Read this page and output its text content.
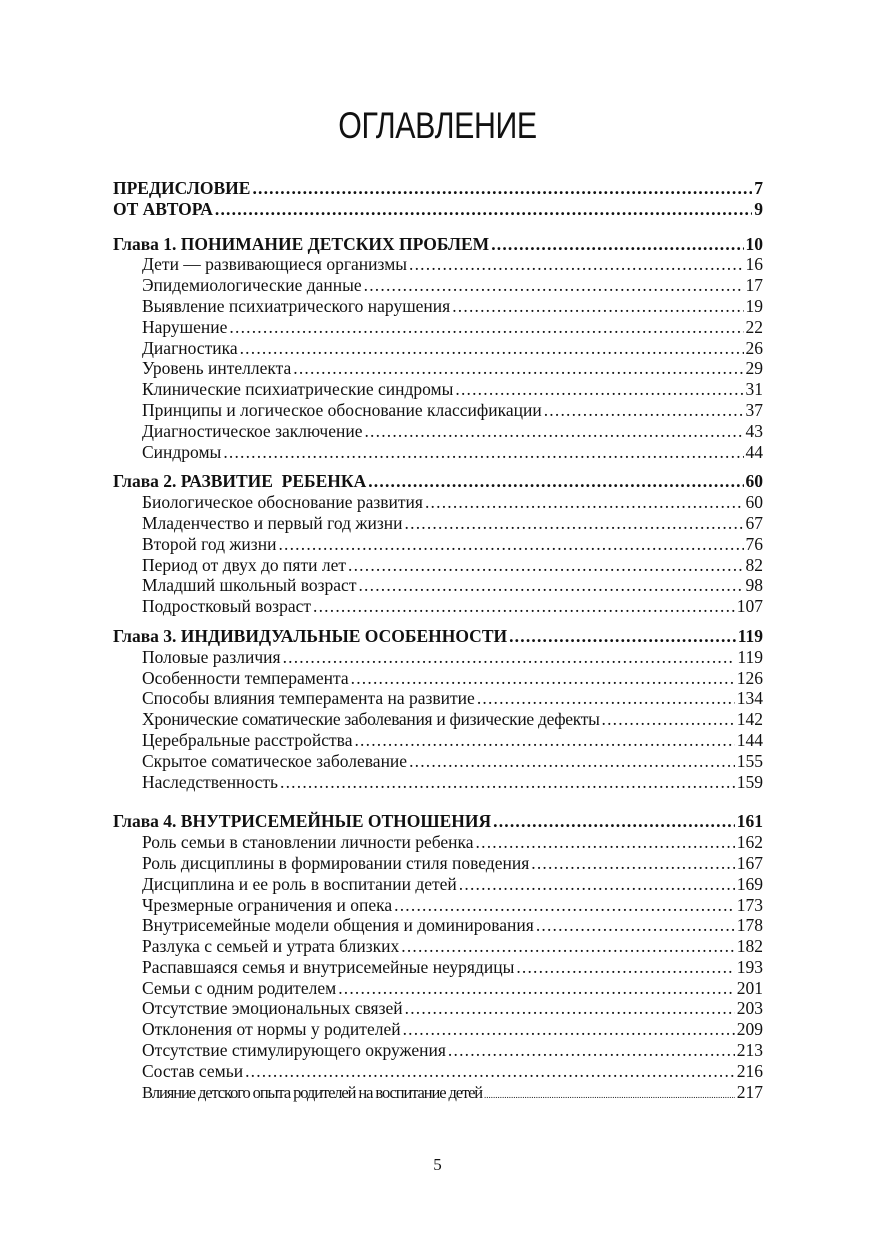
ОГЛАВЛЕНИЕ
ПРЕДИСЛОВИЕ .....	7
ОТ АВТОРА .....	9
Глава 1. ПОНИМАНИЕ ДЕТСКИХ ПРОБЛЕМ .....	10
Дети — развивающиеся организмы .....	16
Эпидемиологические данные .....	17
Выявление психиатрического нарушения .....	19
Нарушение .....	22
Диагностика .....	26
Уровень интеллекта .....	29
Клинические психиатрические синдромы .....	31
Принципы и логическое обоснование классификации .....	37
Диагностическое заключение .....	43
Синдромы .....	44
Глава 2. РАЗВИТИЕ  РЕБЕНКА .....	60
Биологическое обоснование развития .....	60
Младенчество и первый год жизни .....	67
Второй год жизни .....	76
Период от двух до пяти лет .....	82
Младший школьный возраст .....	98
Подростковый возраст .....	107
Глава 3. ИНДИВИДУАЛЬНЫЕ ОСОБЕННОСТИ .....	119
Половые различия .....	119
Особенности темперамента .....	126
Способы влияния темперамента на развитие .....	134
Хронические соматические заболевания и физические дефекты .....	142
Церебральные расстройства .....	144
Скрытое соматическое заболевание .....	155
Наследственность .....	159
Глава 4. ВНУТРИСЕМЕЙНЫЕ ОТНОШЕНИЯ .....	161
Роль семьи в становлении личности ребенка .....	162
Роль дисциплины в формировании стиля поведения .....	167
Дисциплина и ее роль в воспитании детей .....	169
Чрезмерные ограничения и опека .....	173
Внутрисемейные модели общения и доминирования .....	178
Разлука с семьей и утрата близких .....	182
Распавшаяся семья и внутрисемейные неурядицы .....	193
Семьи с одним родителем .....	201
Отсутствие эмоциональных связей .....	203
Отклонения от нормы у родителей .....	209
Отсутствие стимулирующего окружения .....	213
Состав семьи .....	216
Влияние детского опыта родителей на воспитание детей .....	217
5
